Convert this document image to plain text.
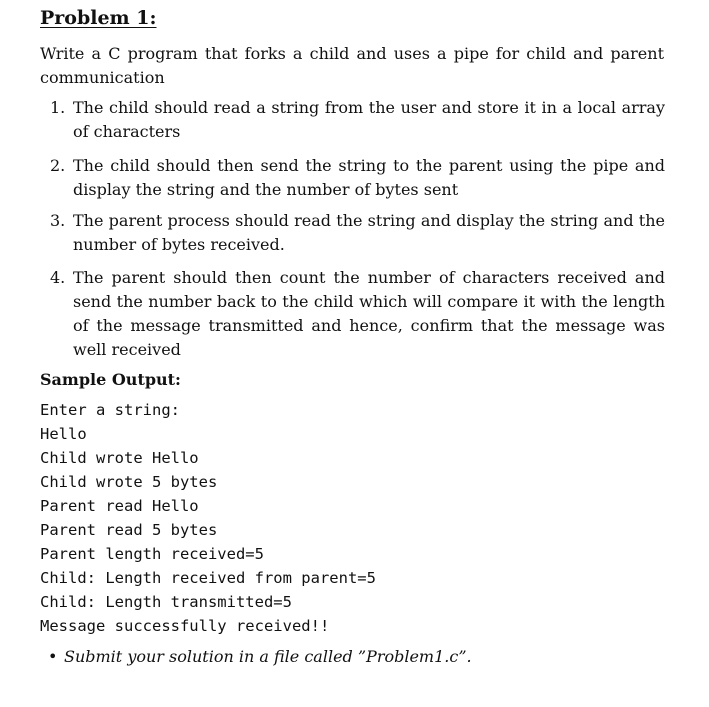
Problem 1:

Write a C program that forks a child and uses a pipe for child and parent communication

1. The child should read a string from the user and store it in a local array of characters
2. The child should then send the string to the parent using the pipe and display the string and the number of bytes sent
3. The parent process should read the string and display the string and the number of bytes received.
4. The parent should then count the number of characters received and send the number back to the child which will compare it with the length of the message transmitted and hence, confirm that the message was well received
Sample Output:
Enter a string:
Hello
Child wrote Hello
Child wrote 5 bytes
Parent read Hello
Parent read 5 bytes
Parent length received=5
Child: Length received from parent=5
Child: Length transmitted=5
Message successfully received!!
• Submit your solution in a file called ”Problem1.c”.
